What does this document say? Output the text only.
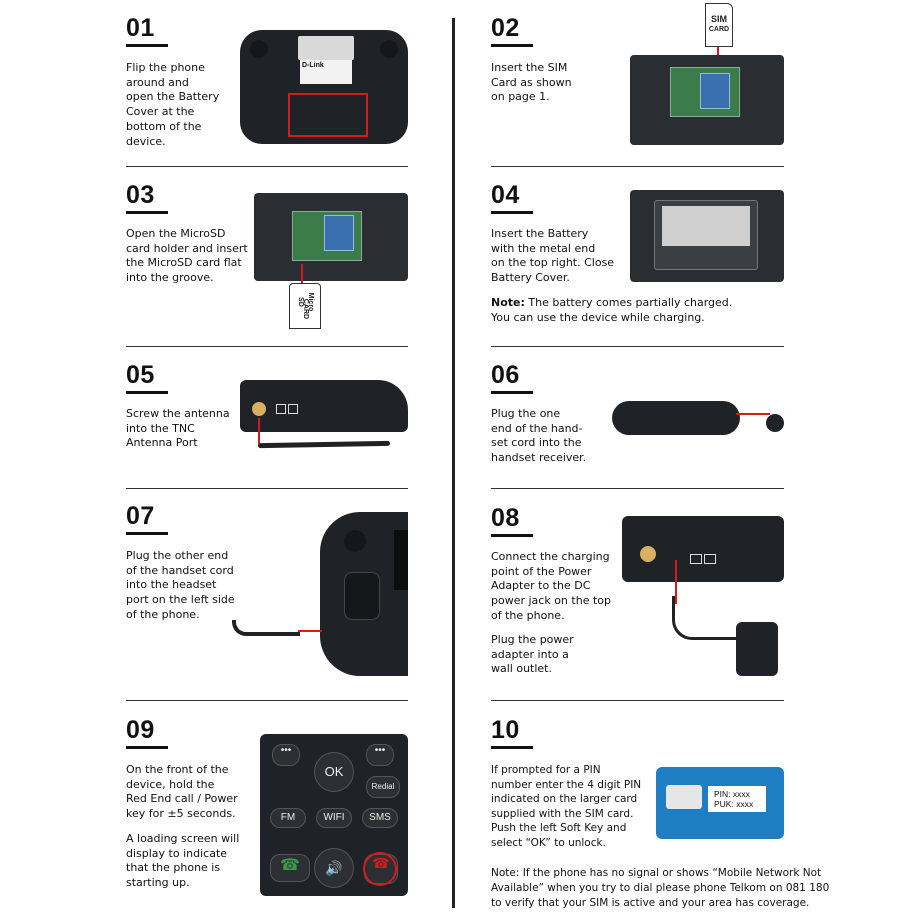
01
Flip the phone
around and
open the Battery
Cover at the
bottom of the
device.
D-Link
02
Insert the SIM
Card as shown
on page 1.
SIM
CARD
03
Open the MicroSD
card holder and insert
the MicroSD card flat
into the groove.
Micro SD
CARD
04
Insert the Battery
with the metal end
on the top right. Close
Battery Cover.
Note: The battery comes partially charged.
You can use the device while charging.
05
Screw the antenna
into the TNC
Antenna Port
06
Plug the one
end of the hand-
set cord into the
handset receiver.
07
Plug the other end
of the handset cord
into the headset
port on the left side
of the phone.
08
Connect the charging
point of the Power
Adapter to the DC
power jack on the top
of the phone.
Plug the power
adapter into a
wall outlet.
09
On the front of the
device, hold the
Red End call / Power
key for ±5 seconds.
A loading screen will
display to indicate
that the phone is
starting up.
•••	•••
OK
Redial
FM	WIFI	SMS
☎	🔊	☎
10
If prompted for a PIN
number enter the 4 digit PIN
indicated on the larger card
supplied with the SIM card.
Push the left Soft Key and
select “OK” to unlock.
PIN: xxxx
PUK: xxxx
Note: If the phone has no signal or shows “Mobile Network Not
Available” when you try to dial please phone Telkom on 081 180
to verify that your SIM is active and your area has coverage.
